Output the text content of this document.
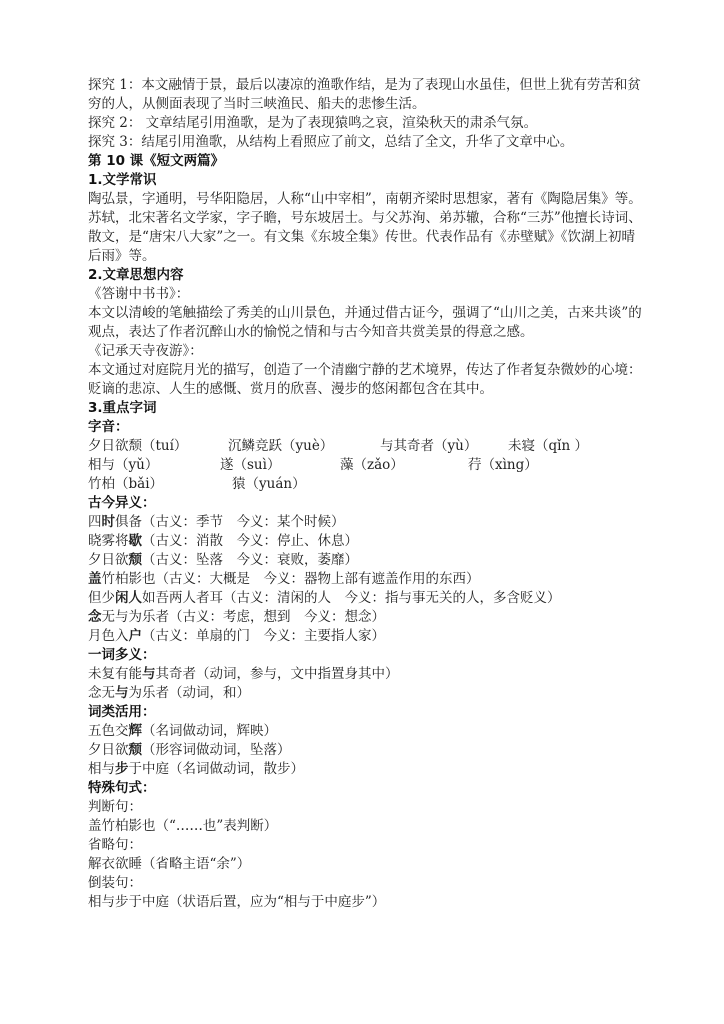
探究 1：本文融情于景，最后以凄凉的渔歌作结，是为了表现山水虽佳，但世上犹有劳苦和贫穷的人，从侧面表现了当时三峡渔民、船夫的悲惨生活。

探究 2： 文章结尾引用渔歌，是为了表现猿鸣之哀，渲染秋天的肃杀气氛。

探究 3：结尾引用渔歌，从结构上看照应了前文，总结了全文，升华了文章中心。

第 10 课《短文两篇》

1.文学常识

陶弘景，字通明，号华阳隐居，人称“山中宰相”，南朝齐梁时思想家，著有《陶隐居集》等。

苏轼，北宋著名文学家，字子瞻，号东坡居士。与父苏洵、弟苏辙，合称“三苏”他擅长诗词、散文，是“唐宋八大家”之一。有文集《东坡全集》传世。代表作品有《赤壁赋》《饮湖上初晴后雨》等。

2.文章思想内容

《答谢中书书》：

本文以清峻的笔触描绘了秀美的山川景色，并通过借古证今，强调了“山川之美，古来共谈”的观点，表达了作者沉醉山水的愉悦之情和与古今知音共赏美景的得意之感。

《记承天寺夜游》：

本文通过对庭院月光的描写，创造了一个清幽宁静的艺术境界，传达了作者复杂微妙的心境：贬谪的悲凉、人生的感慨、赏月的欣喜、漫步的悠闲都包含在其中。

3.重点字词

字音：

夕日欲颓（tuí）	沉鳞竞跃（yuè）	与其奇者（yù）	未寝（qǐn ）
相与（yǔ）	遂（suì）	藻（zǎo）	荇（xìng）
竹柏（bǎi）	猿（yuán）

古今异义：

四时俱备（古义：季节　今义：某个时候）

晓雾将歇（古义：消散　今义：停止、休息）

夕日欲颓（古义：坠落　今义：衰败，萎靡）

盖竹柏影也（古义：大概是　今义：器物上部有遮盖作用的东西）

但少闲人如吾两人者耳（古义：清闲的人　今义：指与事无关的人，多含贬义）

念无与为乐者（古义：考虑，想到　今义：想念）

月色入户（古义：单扇的门　今义：主要指人家）

一词多义：

未复有能与其奇者（动词，参与，文中指置身其中）

念无与为乐者（动词，和）

词类活用：

五色交辉（名词做动词，辉映）

夕日欲颓（形容词做动词，坠落）

相与步于中庭（名词做动词，散步）

特殊句式：

判断句：

盖竹柏影也（“……也”表判断）

省略句：

解衣欲睡（省略主语“余”）

倒装句：

相与步于中庭（状语后置，应为“相与于中庭步”）
